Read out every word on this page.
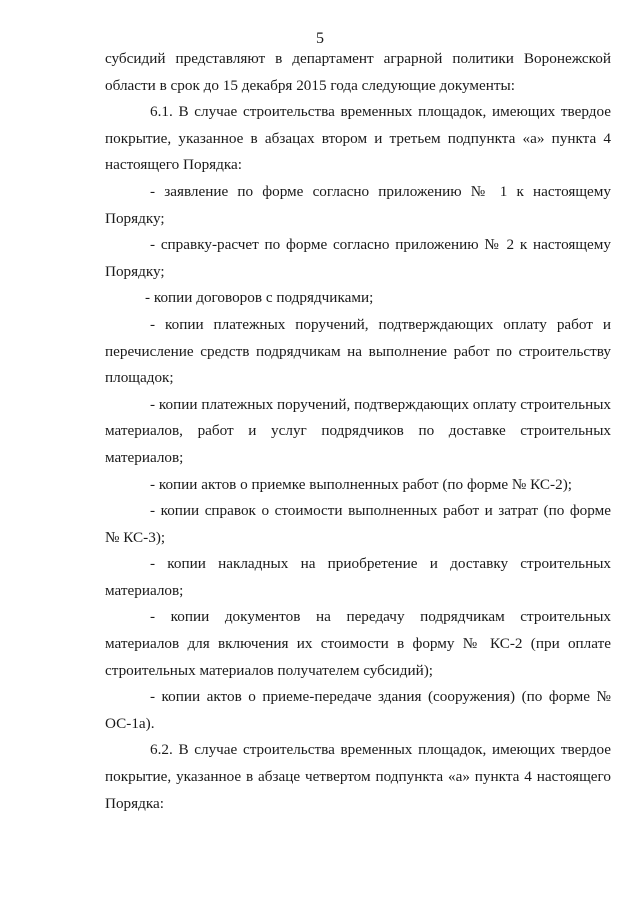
5

субсидий представляют в департамент аграрной политики Воронежской области в срок до 15 декабря 2015 года следующие документы:

6.1. В случае строительства временных площадок, имеющих твердое покрытие, указанное в абзацах втором и третьем подпункта «а» пункта 4 настоящего Порядка:

- заявление по форме согласно приложению № 1 к настоящему Порядку;

- справку-расчет по форме согласно приложению № 2 к настоящему Порядку;

- копии договоров с подрядчиками;

- копии платежных поручений, подтверждающих оплату работ и перечисление средств подрядчикам на выполнение работ по строительству площадок;

- копии платежных поручений, подтверждающих оплату строительных материалов, работ и услуг подрядчиков по доставке строительных материалов;

- копии актов о приемке выполненных работ (по форме № КС-2);

- копии справок о стоимости выполненных работ и затрат (по форме № КС-3);

- копии накладных на приобретение и доставку строительных материалов;

- копии документов на передачу подрядчикам строительных материалов для включения их стоимости в форму № КС-2 (при оплате строительных материалов получателем субсидий);

- копии актов о приеме-передаче здания (сооружения) (по форме № ОС-1а).

6.2. В случае строительства временных площадок, имеющих твердое покрытие, указанное в абзаце четвертом подпункта «а» пункта 4 настоящего Порядка:
